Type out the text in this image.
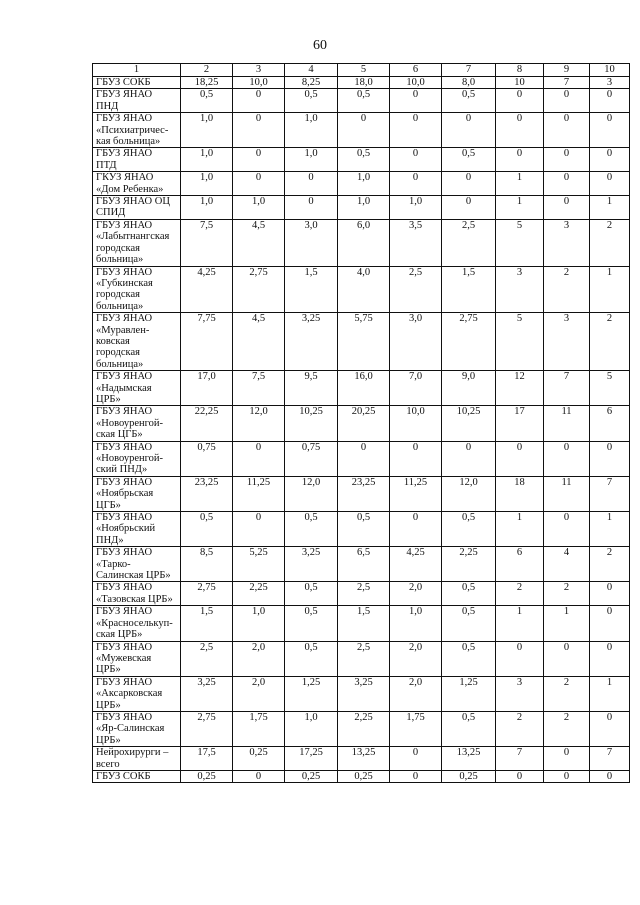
60
1	2	3	4	5	6	7	8	9	10
ГБУЗ СОКБ	18,25	10,0	8,25	18,0	10,0	8,0	10	7	3
ГБУЗ ЯНАО
ПНД	0,5	0	0,5	0,5	0	0,5	0	0	0
ГБУЗ ЯНАО
«Психиатричес-
кая больница»	1,0	0	1,0	0	0	0	0	0	0
ГБУЗ ЯНАО
ПТД	1,0	0	1,0	0,5	0	0,5	0	0	0
ГКУЗ ЯНАО
«Дом Ребенка»	1,0	0	0	1,0	0	0	1	0	0
ГБУЗ ЯНАО ОЦ
СПИД	1,0	1,0	0	1,0	1,0	0	1	0	1
ГБУЗ ЯНАО
«Лабытнангская
городская
больница»	7,5	4,5	3,0	6,0	3,5	2,5	5	3	2
ГБУЗ ЯНАО
«Губкинская
городская
больница»	4,25	2,75	1,5	4,0	2,5	1,5	3	2	1
ГБУЗ ЯНАО
«Муравлен-
ковская
городская
больница»	7,75	4,5	3,25	5,75	3,0	2,75	5	3	2
ГБУЗ ЯНАО
«Надымская
ЦРБ»	17,0	7,5	9,5	16,0	7,0	9,0	12	7	5
ГБУЗ ЯНАО
«Новоуренгой-
ская ЦГБ»	22,25	12,0	10,25	20,25	10,0	10,25	17	11	6
ГБУЗ ЯНАО
«Новоуренгой-
ский ПНД»	0,75	0	0,75	0	0	0	0	0	0
ГБУЗ ЯНАО
«Ноябрьская
ЦГБ»	23,25	11,25	12,0	23,25	11,25	12,0	18	11	7
ГБУЗ ЯНАО
«Ноябрьский
ПНД»	0,5	0	0,5	0,5	0	0,5	1	0	1
ГБУЗ ЯНАО
«Тарко-
Салинская ЦРБ»	8,5	5,25	3,25	6,5	4,25	2,25	6	4	2
ГБУЗ ЯНАО
«Тазовская ЦРБ»	2,75	2,25	0,5	2,5	2,0	0,5	2	2	0
ГБУЗ ЯНАО
«Красноселькуп-
ская ЦРБ»	1,5	1,0	0,5	1,5	1,0	0,5	1	1	0
ГБУЗ ЯНАО
«Мужевская
ЦРБ»	2,5	2,0	0,5	2,5	2,0	0,5	0	0	0
ГБУЗ ЯНАО
«Аксарковская
ЦРБ»	3,25	2,0	1,25	3,25	2,0	1,25	3	2	1
ГБУЗ ЯНАО
«Яр-Салинская
ЦРБ»	2,75	1,75	1,0	2,25	1,75	0,5	2	2	0
Нейрохирурги –
всего	17,5	0,25	17,25	13,25	0	13,25	7	0	7
ГБУЗ СОКБ	0,25	0	0,25	0,25	0	0,25	0	0	0
